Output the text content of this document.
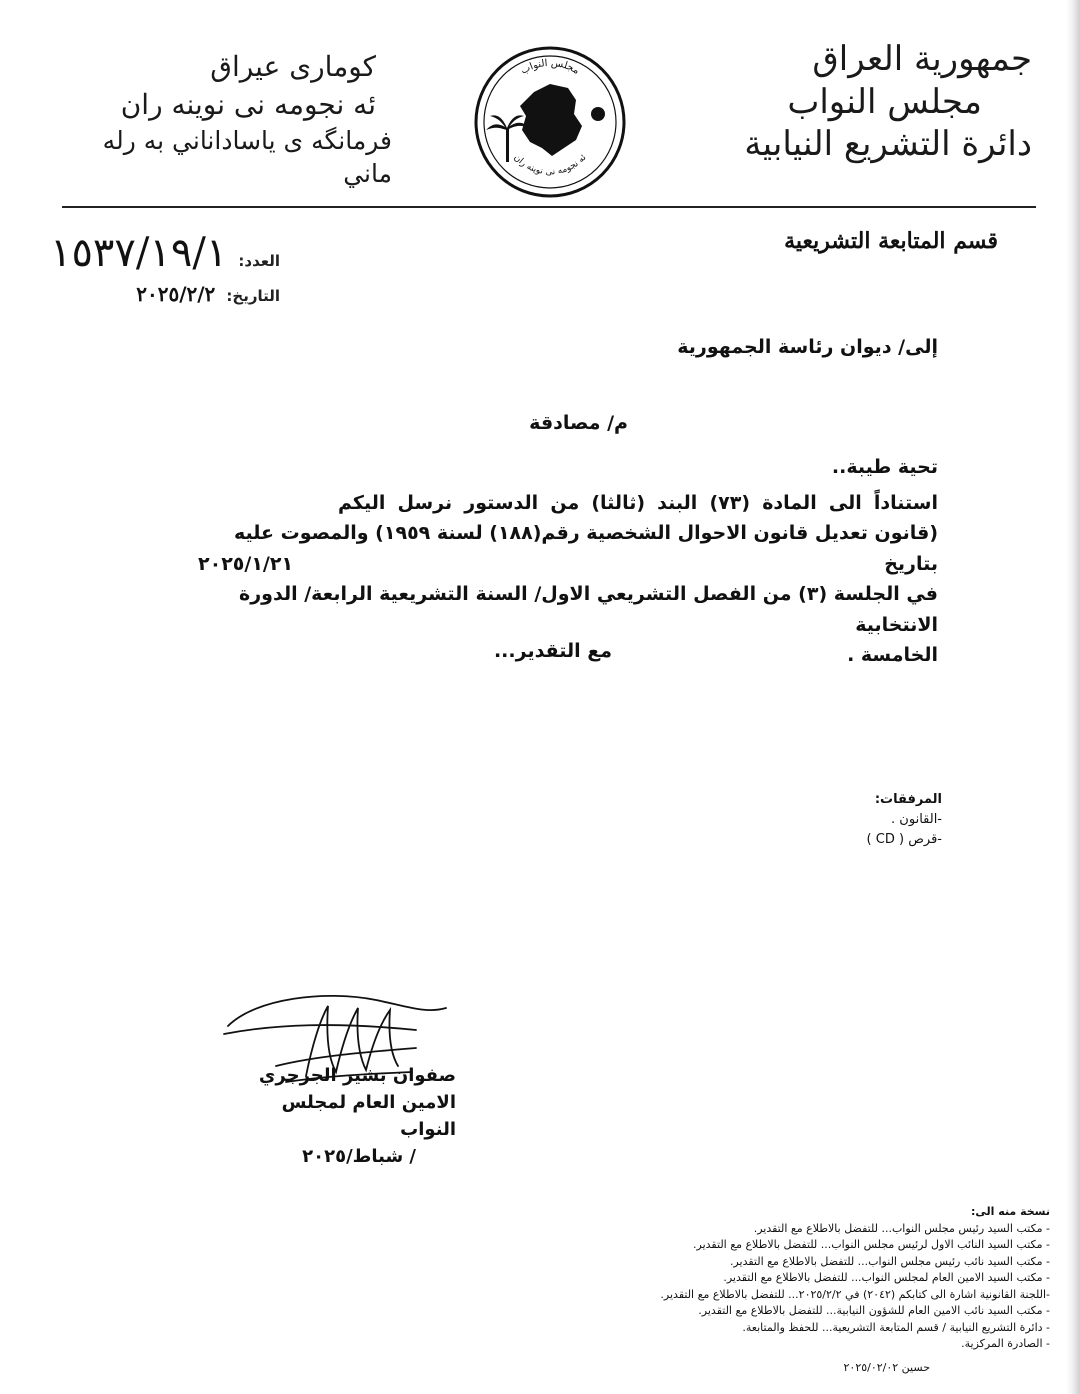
جمهورية العراق
مجلس النواب
دائرة التشريع النيابية
كوماری عیراق
ئه نجومه نی نوینه ران
فرمانگه ی یاساداناني به رله ماني
مجلس النواب
ئه نجومه نی نوینه ران
قسم المتابعة التشريعية
العدد: ١٥٣٧/١٩/١
التاريخ: ٢٠٢٥/٢/٢
إلى/ ديوان رئاسة الجمهورية
م/ مصادقة
تحية طيبة..
استناداً الى المادة (٧٣) البند (ثالثا) من الدستور نرسل اليكم
(قانون تعديل قانون الاحوال الشخصية رقم(١٨٨) لسنة ١٩٥٩) والمصوت عليه بتاريخ ٢٠٢٥/١/٢١
في الجلسة (٣) من الفصل التشريعي الاول/ السنة التشريعية الرابعة/ الدورة الانتخابية
الخامسة .
مع التقدير...
المرفقات:
-القانون .
-قرص ( CD )
صفوان بشير الجرجري
الامين العام لمجلس النواب
/ شباط/٢٠٢٥
نسخة منه الى:
- مكتب السيد رئيس مجلس النواب... للتفضل بالاطلاع مع التقدير.
- مكتب السيد النائب الاول لرئيس مجلس النواب... للتفضل بالاطلاع مع التقدير.
- مكتب السيد نائب رئيس مجلس النواب... للتفضل بالاطلاع مع التقدير.
- مكتب السيد الامين العام لمجلس النواب... للتفضل بالاطلاع مع التقدير.
-اللجنة القانونية اشارة الى كتابكم (٢٠٤٢) في ٢٠٢٥/٢/٢... للتفضل بالاطلاع مع التقدير.
- مكتب السيد نائب الامين العام للشؤون النيابية... للتفضل بالاطلاع مع التقدير.
- دائرة التشريع النيابية / قسم المتابعة التشريعية... للحفظ والمتابعة.
- الصادرة المركزية.
حسين ٢٠٢٥/٠٢/٠٢
